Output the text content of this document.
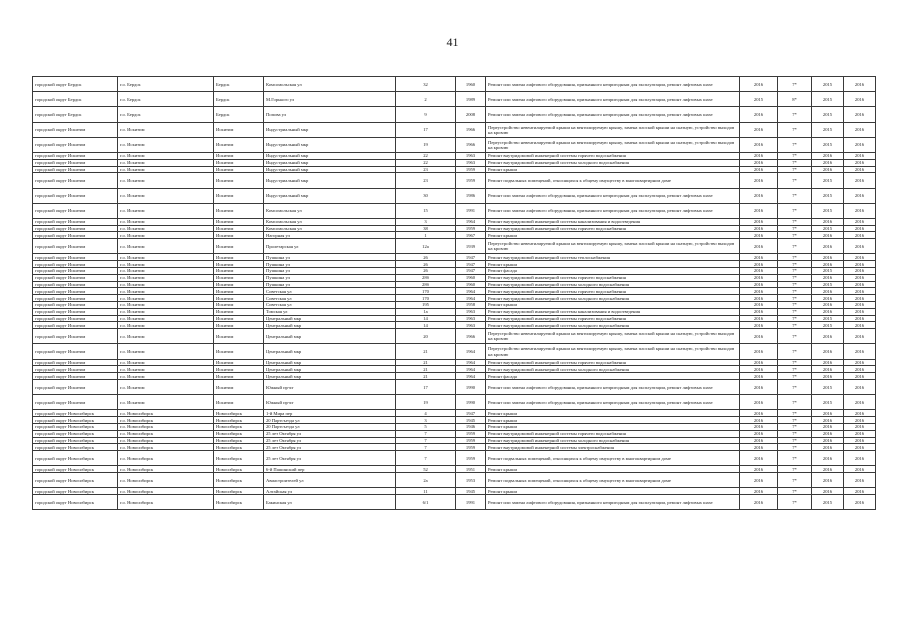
41
городской округ Бердск	г.о. Бердск	Бердск	Комсомольская ул	32	1960	Ремонт или замена лифтового оборудования, признанного непригодным для эксплуатации, ремонт лифтовых шахт	2016	7*	2015	2016
городской округ Бердск	г.о. Бердск	Бердск	М.Горького ул	2	1989	Ремонт или замена лифтового оборудования, признанного непригодным для эксплуатации, ремонт лифтовых шахт	2015	8*	2015	2016
городской округ Бердск	г.о. Бердск	Бердск	Попова ул	9	2008	Ремонт или замена лифтового оборудования, признанного непригодным для эксплуатации, ремонт лифтовых шахт	2016	7*	2015	2016
городской округ Искитим	г.о. Искитим	Искитим	Индустриальный мкр	17	1966	Переустройство невентилируемой крыши на вентилируемую крышу, замена плоской крыши на скатную, устройство выходов на кровлю	2016	7*	2015	2016
городской округ Искитим	г.о. Искитим	Искитим	Индустриальный мкр	19	1966	Переустройство невентилируемой крыши на вентилируемую крышу, замена плоской крыши на скатную, устройство выходов на кровлю	2016	7*	2015	2016
городской округ Искитим	г.о. Искитим	Искитим	Индустриальный мкр	22	1963	Ремонт внутридомовой инженерной системы горячего водоснабжения	2016	7*	2016	2016
городской округ Искитим	г.о. Искитим	Искитим	Индустриальный мкр	22	1963	Ремонт внутридомовой инженерной системы холодного водоснабжения	2016	7*	2016	2016
городской округ Искитим	г.о. Искитим	Искитим	Индустриальный мкр	23	1959	Ремонт крыши	2016	7*	2016	2016
городской округ Искитим	г.о. Искитим	Искитим	Индустриальный мкр	23	1959	Ремонт подвальных помещений, относящихся к общему имуществу в многоквартирном доме	2016	7*	2015	2016
городской округ Искитим	г.о. Искитим	Искитим	Индустриальный мкр	30	1986	Ремонт или замена лифтового оборудования, признанного непригодным для эксплуатации, ремонт лифтовых шахт	2016	7*	2015	2016
городской округ Искитим	г.о. Искитим	Искитим	Комсомольская ул	15	1991	Ремонт или замена лифтового оборудования, признанного непригодным для эксплуатации, ремонт лифтовых шахт	2016	7*	2015	2016
городской округ Искитим	г.о. Искитим	Искитим	Комсомольская ул	3	1964	Ремонт внутридомовой инженерной системы канализования и водоотведения	2016	7*	2016	2016
городской округ Искитим	г.о. Искитим	Искитим	Комсомольская ул	38	1959	Ремонт внутридомовой инженерной системы горячего водоснабжения	2016	7*	2015	2016
городской округ Искитим	г.о. Искитим	Искитим	Нагорная ул	1	1967	Ремонт крыши	2016	7*	2016	2016
городской округ Искитим	г.о. Искитим	Искитим	Пролетарская ул	12а	1939	Переустройство невентилируемой крыши на вентилируемую крышу, замена плоской крыши на скатную, устройство выходов на кровлю	2016	7*	2016	2016
городской округ Искитим	г.о. Искитим	Искитим	Пушкина ул	26	1947	Ремонт внутридомовой инженерной системы теплоснабжения	2016	7*	2016	2016
городской округ Искитим	г.о. Искитим	Искитим	Пушкина ул	26	1947	Ремонт крыши	2016	7*	2016	2016
городской округ Искитим	г.о. Искитим	Искитим	Пушкина ул	26	1947	Ремонт фасада	2016	7*	2015	2016
городской округ Искитим	г.о. Искитим	Искитим	Пушкина ул	28б	1960	Ремонт внутридомовой инженерной системы горячего водоснабжения	2016	7*	2016	2016
городской округ Искитим	г.о. Искитим	Искитим	Пушкина ул	28б	1960	Ремонт внутридомовой инженерной системы холодного водоснабжения	2016	7*	2015	2016
городской округ Искитим	г.о. Искитим	Искитим	Советская ул	170	1964	Ремонт внутридомовой инженерной системы горячего водоснабжения	2016	7*	2016	2016
городской округ Искитим	г.о. Искитим	Искитим	Советская ул	170	1964	Ремонт внутридомовой инженерной системы холодного водоснабжения	2016	7*	2016	2016
городской округ Искитим	г.о. Искитим	Искитим	Советская ул	195	1958	Ремонт крыши	2016	7*	2016	2016
городской округ Искитим	г.о. Искитим	Искитим	Томская ул	1а	1963	Ремонт внутридомовой инженерной системы канализования и водоотведения	2016	7*	2016	2016
городской округ Искитим	г.о. Искитим	Искитим	Центральный мкр	14	1963	Ремонт внутридомовой инженерной системы горячего водоснабжения	2016	7*	2015	2016
городской округ Искитим	г.о. Искитим	Искитим	Центральный мкр	14	1963	Ремонт внутридомовой инженерной системы холодного водоснабжения	2016	7*	2015	2016
городской округ Искитим	г.о. Искитим	Искитим	Центральный мкр	20	1966	Переустройство невентилируемой крыши на вентилируемую крышу, замена плоской крыши на скатную, устройство выходов на кровлю	2016	7*	2016	2016
городской округ Искитим	г.о. Искитим	Искитим	Центральный мкр	21	1964	Переустройство невентилируемой крыши на вентилируемую крышу, замена плоской крыши на скатную, устройство выходов на кровлю	2016	7*	2016	2016
городской округ Искитим	г.о. Искитим	Искитим	Центральный мкр	21	1964	Ремонт внутридомовой инженерной системы горячего водоснабжения	2016	7*	2016	2016
городской округ Искитим	г.о. Искитим	Искитим	Центральный мкр	21	1964	Ремонт внутридомовой инженерной системы холодного водоснабжения	2016	7*	2016	2016
городской округ Искитим	г.о. Искитим	Искитим	Центральный мкр	21	1964	Ремонт фасада	2016	7*	2016	2016
городской округ Искитим	г.о. Искитим	Искитим	Южный пр-кт	17	1990	Ремонт или замена лифтового оборудования, признанного непригодным для эксплуатации, ремонт лифтовых шахт	2016	7*	2015	2016
городской округ Искитим	г.о. Искитим	Искитим	Южный пр-кт	19	1990	Ремонт или замена лифтового оборудования, признанного непригодным для эксплуатации, ремонт лифтовых шахт	2016	7*	2015	2016
городской округ Новосибирск	г.о. Новосибирск	Новосибирск	1-й Мира пер	4	1947	Ремонт крыши	2016	7*	2016	2016
городской округ Новосибирск	г.о. Новосибирск	Новосибирск	20 Партсъезда ул	3	1945	Ремонт крыши	2016	7*	2016	2016
городской округ Новосибирск	г.о. Новосибирск	Новосибирск	20 Партсъезда ул	5	1946	Ремонт крыши	2016	7*	2016	2016
городской округ Новосибирск	г.о. Новосибирск	Новосибирск	25 лет Октября ул	7	1959	Ремонт внутридомовой инженерной системы горячего водоснабжения	2016	7*	2016	2016
городской округ Новосибирск	г.о. Новосибирск	Новосибирск	25 лет Октября ул	7	1959	Ремонт внутридомовой инженерной системы холодного водоснабжения	2016	7*	2016	2016
городской округ Новосибирск	г.о. Новосибирск	Новосибирск	25 лет Октября ул	7	1959	Ремонт внутридомовой инженерной системы электроснабжения	2016	7*	2016	2016
городской округ Новосибирск	г.о. Новосибирск	Новосибирск	25 лет Октября ул	7	1959	Ремонт подвальных помещений, относящихся к общему имуществу в многоквартирном доме	2016	7*	2016	2016
городской округ Новосибирск	г.о. Новосибирск	Новосибирск	6-й Пашинский пер	52	1951	Ремонт крыши	2016	7*	2016	2016
городской округ Новосибирск	г.о. Новосибирск	Новосибирск	Авиастроителей ул	2а	1953	Ремонт подвальных помещений, относящихся к общему имуществу в многоквартирном доме	2016	7*	2016	2016
городской округ Новосибирск	г.о. Новосибирск	Новосибирск	Алтайская ул	11	1945	Ремонт крыши	2016	7*	2016	2016
городской округ Новосибирск	г.о. Новосибирск	Новосибирск	Бакинская ул	6/1	1991	Ремонт или замена лифтового оборудования, признанного непригодным для эксплуатации, ремонт лифтовых шахт	2016	7*	2015	2016
